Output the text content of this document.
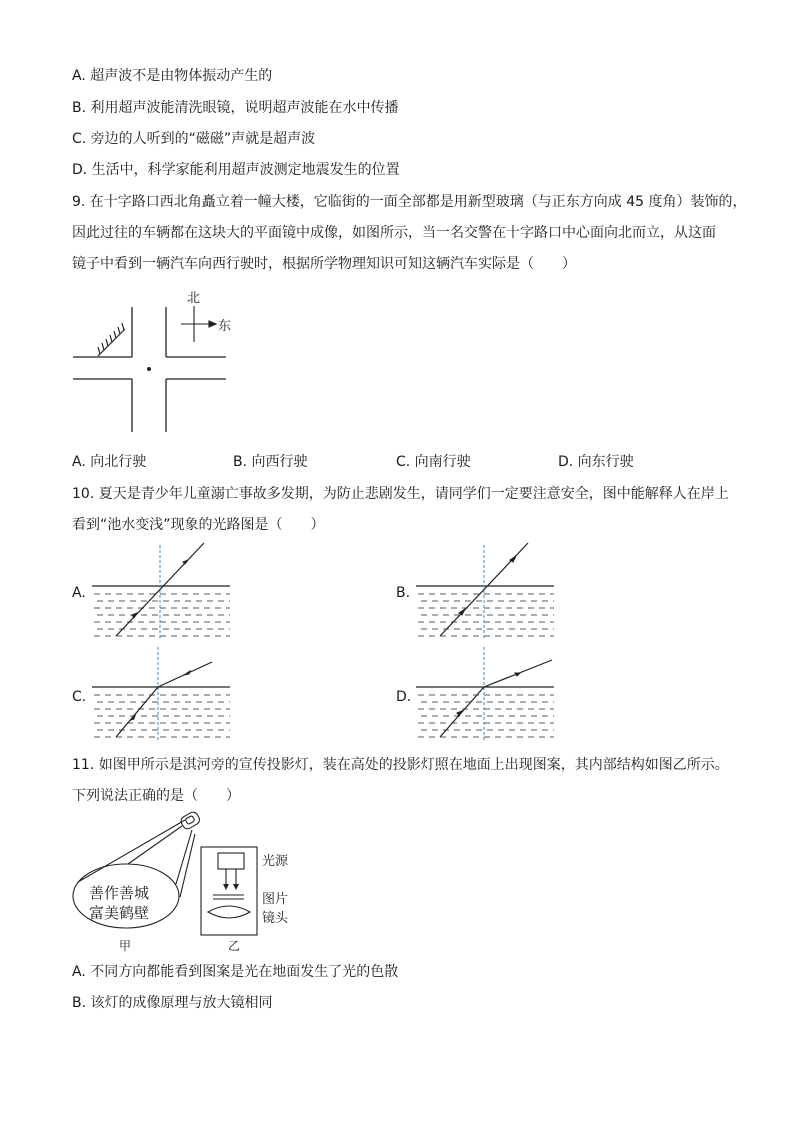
A. 超声波不是由物体振动产生的
B. 利用超声波能清洗眼镜，说明超声波能在水中传播
C. 旁边的人听到的“磁磁”声就是超声波
D. 生活中，科学家能利用超声波测定地震发生的位置
9. 在十字路口西北角矗立着一幢大楼，它临街的一面全部都是用新型玻璃（与正东方向成 45 度角）装饰的，
因此过往的车辆都在这块大的平面镜中成像，如图所示，当一名交警在十字路口中心面向北而立，从这面
镜子中看到一辆汽车向西行驶时，根据所学物理知识可知这辆汽车实际是（　　）
北
东
A. 向北行驶	B. 向西行驶	C. 向南行驶	D. 向东行驶
10. 夏天是青少年儿童溺亡事故多发期，为防止悲剧发生，请同学们一定要注意安全，图中能解释人在岸上
看到“池水变浅”现象的光路图是（　　）
A.	B.
C.	D.
11. 如图甲所示是淇河旁的宣传投影灯，装在高处的投影灯照在地面上出现图案，其内部结构如图乙所示。
下列说法正确的是（　　）
善作善城
富美鹤壁
甲	乙
光源
图片
镜头
A. 不同方向都能看到图案是光在地面发生了光的色散
B. 该灯的成像原理与放大镜相同
